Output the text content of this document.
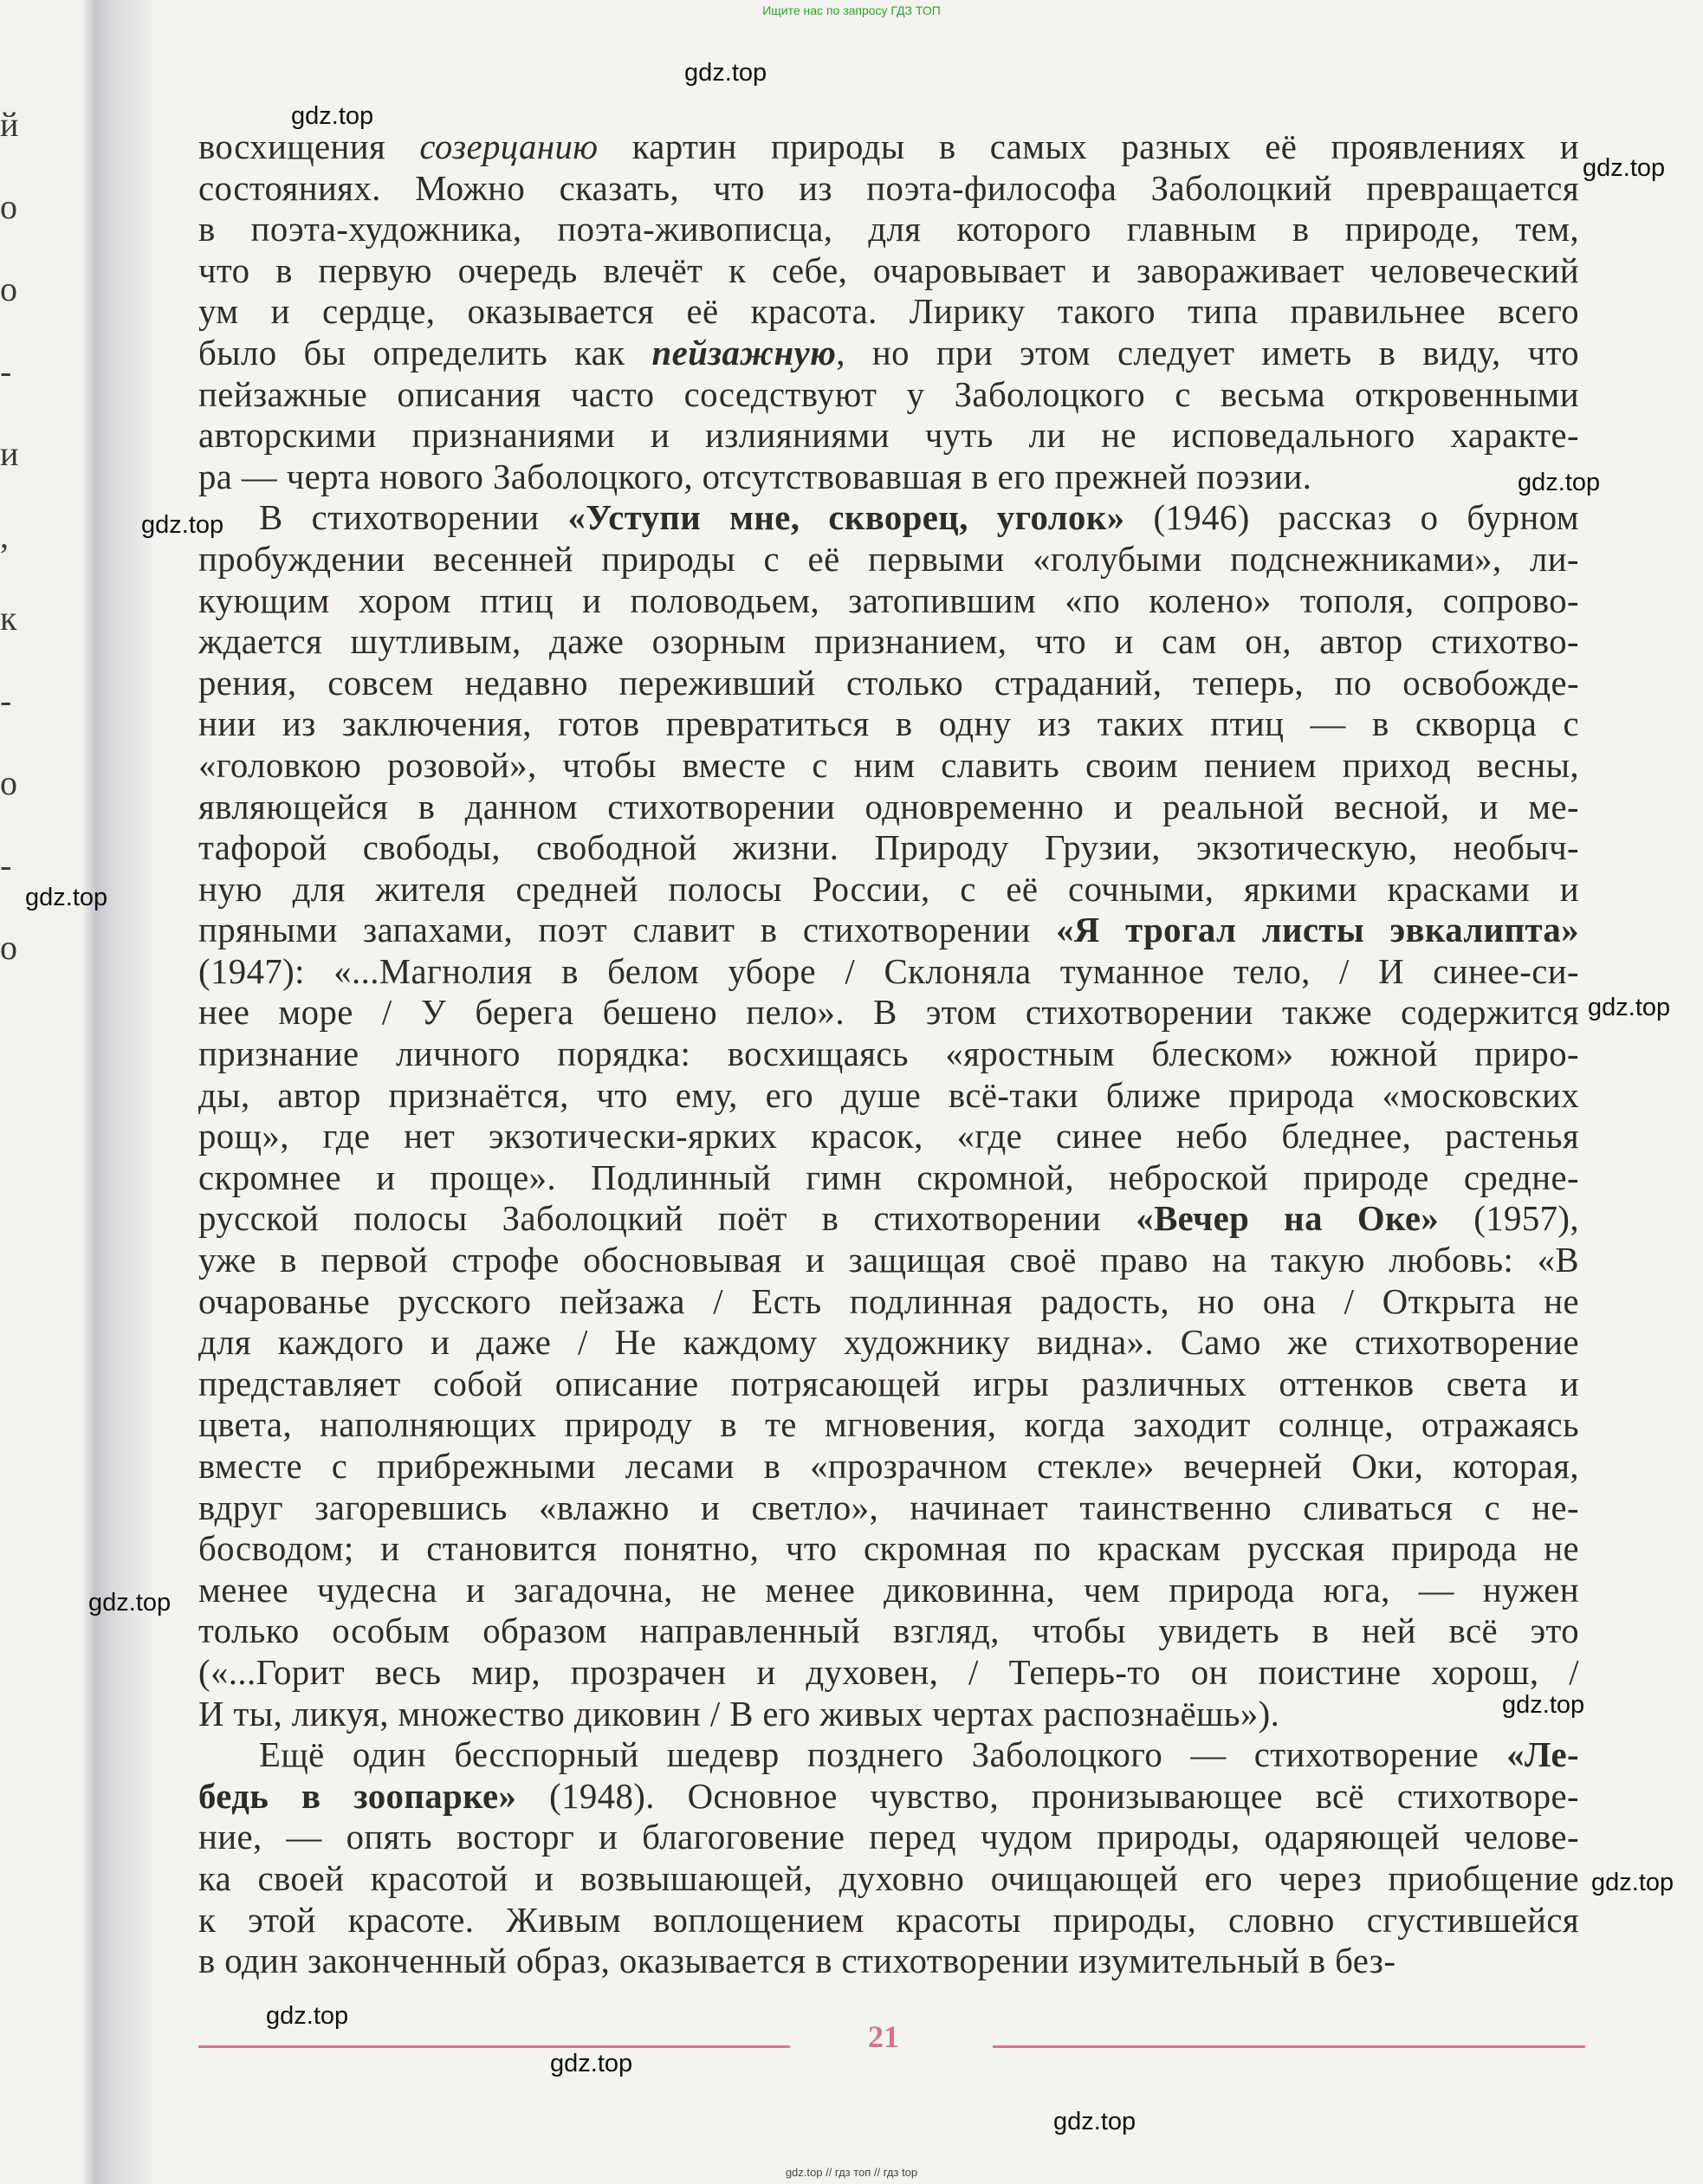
й
о
о
-
и
,
к
-
о
-
о
Ищите нас по запросу ГДЗ ТОП
gdz.top
gdz.top
gdz.top
gdz.top
gdz.top
gdz.top
gdz.top
gdz.top
gdz.top
gdz.top
gdz.top
gdz.top
gdz.top
восхищения созерцанию картин природы в самых разных её проявлениях и
состояниях. Можно сказать, что из поэта-философа Заболоцкий превращается
в поэта-художника, поэта-живописца, для которого главным в природе, тем,
что в первую очередь влечёт к себе, очаровывает и завораживает человеческий
ум и сердце, оказывается её красота. Лирику такого типа правильнее всего
было бы определить как пейзажную, но при этом следует иметь в виду, что
пейзажные описания часто соседствуют у Заболоцкого с весьма откровенными
авторскими признаниями и излияниями чуть ли не исповедального характе-
ра — черта нового Заболоцкого, отсутствовавшая в его прежней поэзии.
В стихотворении «Уступи мне, скворец, уголок» (1946) рассказ о бурном
пробуждении весенней природы с её первыми «голубыми подснежниками», ли-
кующим хором птиц и половодьем, затопившим «по колено» тополя, сопрово-
ждается шутливым, даже озорным признанием, что и сам он, автор стихотво-
рения, совсем недавно переживший столько страданий, теперь, по освобожде-
нии из заключения, готов превратиться в одну из таких птиц — в скворца с
«головкою розовой», чтобы вместе с ним славить своим пением приход весны,
являющейся в данном стихотворении одновременно и реальной весной, и ме-
тафорой свободы, свободной жизни. Природу Грузии, экзотическую, необыч-
ную для жителя средней полосы России, с её сочными, яркими красками и
пряными запахами, поэт славит в стихотворении «Я трогал листы эвкалипта»
(1947): «...Магнолия в белом уборе / Склоняла туманное тело, / И синее-си-
нее море / У берега бешено пело». В этом стихотворении также содержится
признание личного порядка: восхищаясь «яростным блеском» южной приро-
ды, автор признаётся, что ему, его душе всё-таки ближе природа «московских
рощ», где нет экзотически-ярких красок, «где синее небо бледнее, растенья
скромнее и проще». Подлинный гимн скромной, неброской природе средне-
русской полосы Заболоцкий поёт в стихотворении «Вечер на Оке» (1957),
уже в первой строфе обосновывая и защищая своё право на такую любовь: «В
очарованье русского пейзажа / Есть подлинная радость, но она / Открыта не
для каждого и даже / Не каждому художнику видна». Само же стихотворение
представляет собой описание потрясающей игры различных оттенков света и
цвета, наполняющих природу в те мгновения, когда заходит солнце, отражаясь
вместе с прибрежными лесами в «прозрачном стекле» вечерней Оки, которая,
вдруг загоревшись «влажно и светло», начинает таинственно сливаться с не-
босводом; и становится понятно, что скромная по краскам русская природа не
менее чудесна и загадочна, не менее диковинна, чем природа юга, — нужен
только особым образом направленный взгляд, чтобы увидеть в ней всё это
(«...Горит весь мир, прозрачен и духовен, / Теперь-то он поистине хорош, /
И ты, ликуя, множество диковин / В его живых чертах распознаёшь»).
Ещё один бесспорный шедевр позднего Заболоцкого — стихотворение «Ле-
бедь в зоопарке» (1948). Основное чувство, пронизывающее всё стихотворе-
ние, — опять восторг и благоговение перед чудом природы, одаряющей челове-
ка своей красотой и возвышающей, духовно очищающей его через приобщение
к этой красоте. Живым воплощением красоты природы, словно сгустившейся
в один законченный образ, оказывается в стихотворении изумительный в без-
21
gdz.top // гдз топ // гдз top
